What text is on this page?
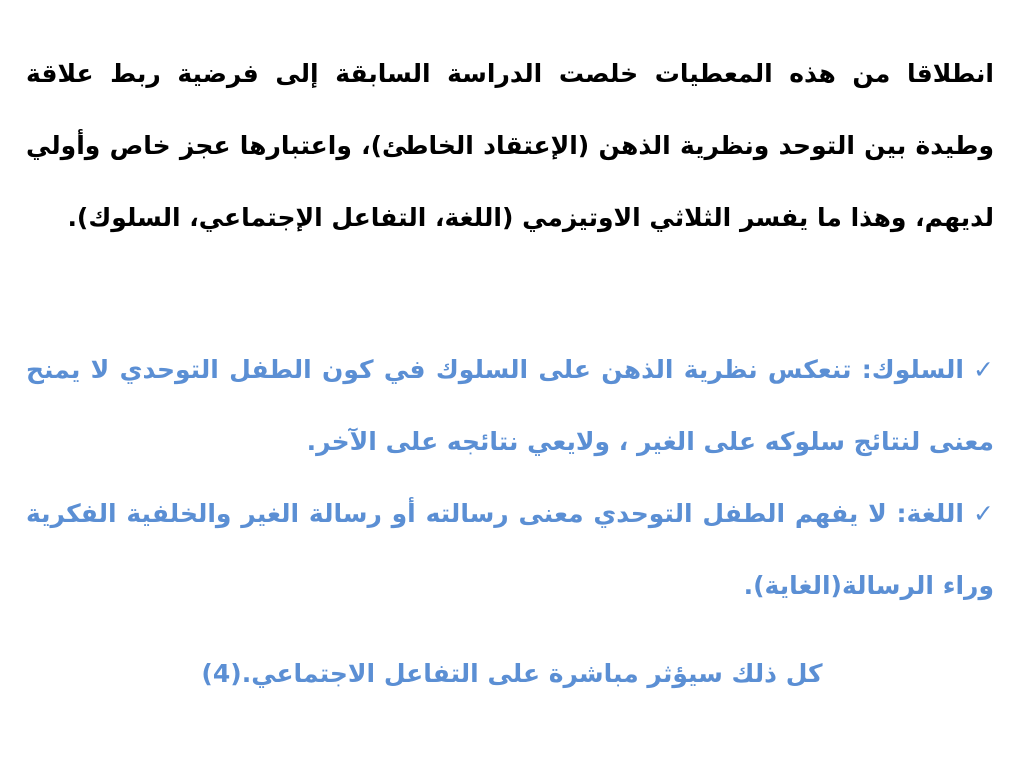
انطلاقا من هذه المعطيات خلصت الدراسة السابقة إلى فرضية ربط علاقة وطيدة بين التوحد ونظرية الذهن (الإعتقاد الخاطئ)، واعتبارها عجز خاص وأولي لديهم، وهذا ما يفسر الثلاثي الاوتيزمي (اللغة، التفاعل الإجتماعي، السلوك).

✓السلوك: تنعكس نظرية الذهن على السلوك في كون الطفل التوحدي لا يمنح معنى لنتائج سلوكه على الغير ، ولايعي نتائجه على الآخر.

✓اللغة: لا يفهم الطفل التوحدي معنى رسالته أو رسالة الغير والخلفية الفكرية وراء الرسالة(الغاية).

كل ذلك سيؤثر مباشرة على التفاعل الاجتماعي.(4)
